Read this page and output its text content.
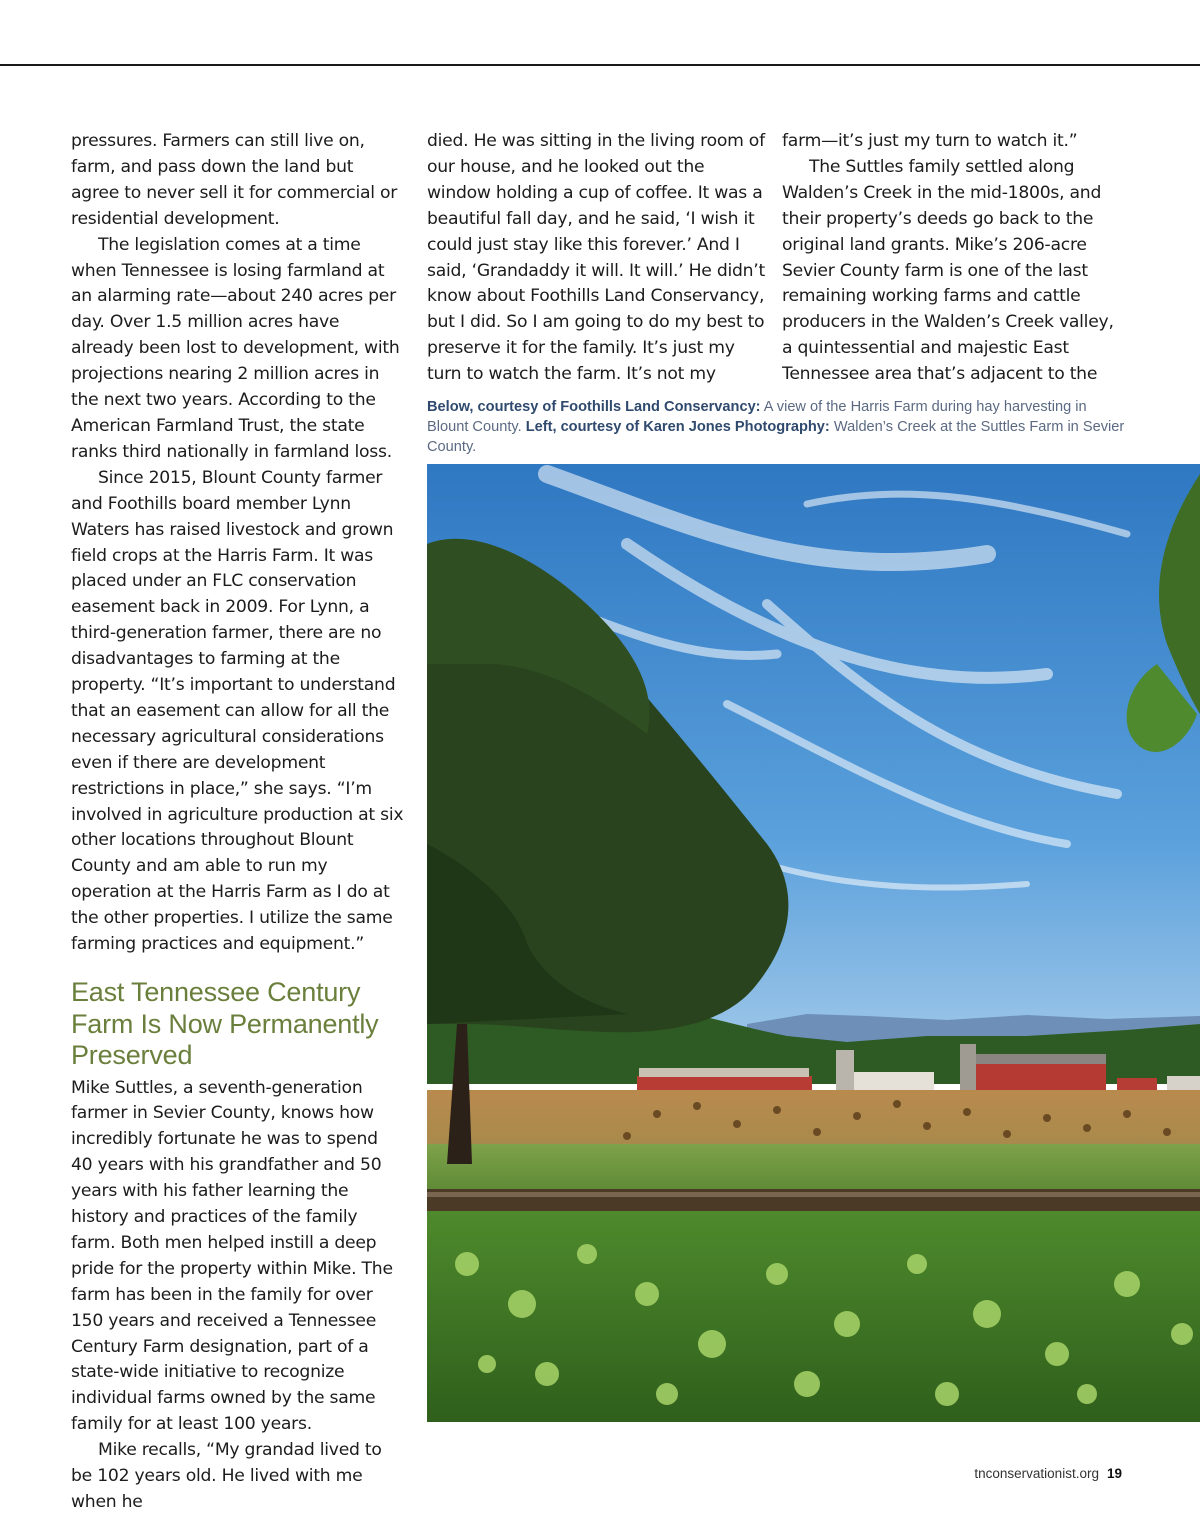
pressures. Farmers can still live on, farm, and pass down the land but agree to never sell it for commercial or residential development.

The legislation comes at a time when Tennessee is losing farmland at an alarming rate—about 240 acres per day. Over 1.5 million acres have already been lost to development, with projections nearing 2 million acres in the next two years. According to the American Farmland Trust, the state ranks third nationally in farmland loss.

Since 2015, Blount County farmer and Foothills board member Lynn Waters has raised livestock and grown field crops at the Harris Farm. It was placed under an FLC conservation easement back in 2009. For Lynn, a third-generation farmer, there are no disadvantages to farming at the property. “It’s important to understand that an easement can allow for all the necessary agricultural considerations even if there are development restrictions in place,” she says. “I’m involved in agriculture production at six other locations throughout Blount County and am able to run my operation at the Harris Farm as I do at the other properties. I utilize the same farming practices and equipment.”

East Tennessee Century Farm Is Now Permanently Preserved

Mike Suttles, a seventh-generation farmer in Sevier County, knows how incredibly fortunate he was to spend 40 years with his grandfather and 50 years with his father learning the history and practices of the family farm. Both men helped instill a deep pride for the property within Mike. The farm has been in the family for over 150 years and received a Tennessee Century Farm designation, part of a state-wide initiative to recognize individual farms owned by the same family for at least 100 years.

Mike recalls, “My grandad lived to be 102 years old. He lived with me when he

died. He was sitting in the living room of our house, and he looked out the window holding a cup of coffee. It was a beautiful fall day, and he said, ‘I wish it could just stay like this forever.’ And I said, ‘Grandaddy it will. It will.’ He didn’t know about Foothills Land Conservancy, but I did. So I am going to do my best to preserve it for the family. It’s just my turn to watch the farm. It’s not my

farm—it’s just my turn to watch it.”

The Suttles family settled along Walden’s Creek in the mid-1800s, and their property’s deeds go back to the original land grants. Mike’s 206-acre Sevier County farm is one of the last remaining working farms and cattle producers in the Walden’s Creek valley, a quintessential and majestic East Tennessee area that’s adjacent to the

Below, courtesy of Foothills Land Conservancy: A view of the Harris Farm during hay harvesting in Blount County. Left, courtesy of Karen Jones Photography: Walden’s Creek at the Suttles Farm in Sevier County.
tnconservationist.org 19
